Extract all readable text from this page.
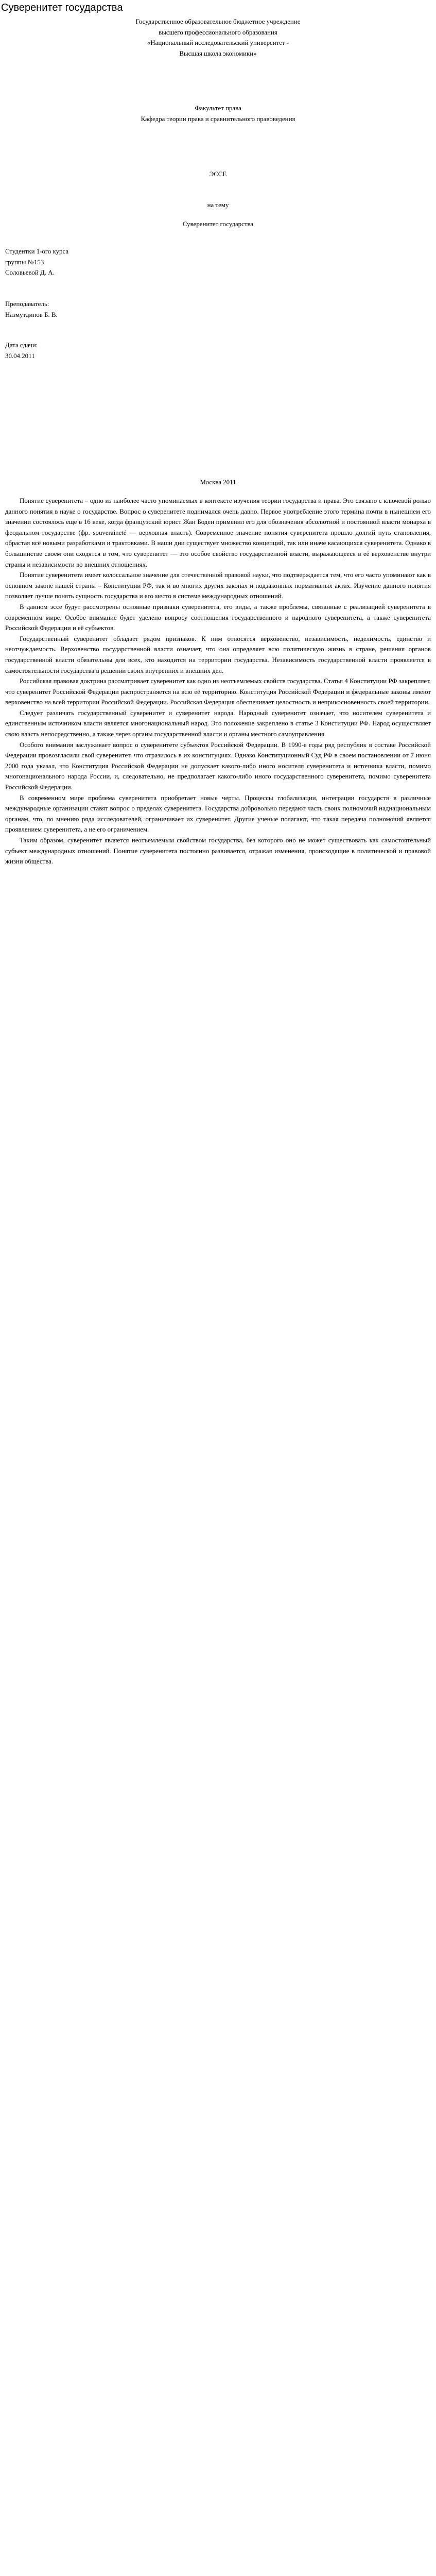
Суверенитет государства

Государственное образовательное бюджетное учреждение

высшего профессионального образования

«Национальный исследовательский университет -

Высшая школа экономики»

Факультет права

Кафедра теории права и сравнительного правоведения

ЭССЕ

на тему

Суверенитет государства

Студентки 1-ого курса

группы №153

Соловьевой Д. А.

Преподаватель:

Назмутдинов Б. В.

Дата сдачи:

30.04.2011

Москва 2011

Понятие суверенитета – одно из наиболее часто упоминаемых в контексте изучения теории государства и права. Это связано с ключевой ролью данного понятия в науке о государстве. Вопрос о суверенитете поднимался очень давно. Первое употребление этого термина почти в нынешнем его значении состоялось еще в 16 веке, когда французский юрист Жан Боден применил его для обозначения абсолютной и постоянной власти монарха в феодальном государстве (фр. souveraineté — верховная власть). Современное значение понятия суверенитета прошло долгий путь становления, обрастая всё новыми разработками и трактовками. В наши дни существует множество концепций, так или иначе касающихся суверенитета. Однако в большинстве своем они сходятся в том, что суверенитет — это особое свойство государственной власти, выражающееся в её верховенстве внутри страны и независимости во внешних отношениях.

Понятие суверенитета имеет колоссальное значение для отечественной правовой науки, что подтверждается тем, что его часто упоминают как в основном законе нашей страны – Конституции РФ, так и во многих других законах и подзаконных нормативных актах. Изучение данного понятия позволяет лучше понять сущность государства и его место в системе международных отношений.

В данном эссе будут рассмотрены основные признаки суверенитета, его виды, а также проблемы, связанные с реализацией суверенитета в современном мире. Особое внимание будет уделено вопросу соотношения государственного и народного суверенитета, а также суверенитета Российской Федерации и её субъектов.

Государственный суверенитет обладает рядом признаков. К ним относятся верховенство, независимость, неделимость, единство и неотчуждаемость. Верховенство государственной власти означает, что она определяет всю политическую жизнь в стране, решения органов государственной власти обязательны для всех, кто находится на территории государства. Независимость государственной власти проявляется в самостоятельности государства в решении своих внутренних и внешних дел.

Российская правовая доктрина рассматривает суверенитет как одно из неотъемлемых свойств государства. Статья 4 Конституции РФ закрепляет, что суверенитет Российской Федерации распространяется на всю её территорию. Конституция Российской Федерации и федеральные законы имеют верховенство на всей территории Российской Федерации. Российская Федерация обеспечивает целостность и неприкосновенность своей территории.

Следует различать государственный суверенитет и суверенитет народа. Народный суверенитет означает, что носителем суверенитета и единственным источником власти является многонациональный народ. Это положение закреплено в статье 3 Конституции РФ. Народ осуществляет свою власть непосредственно, а также через органы государственной власти и органы местного самоуправления.

Особого внимания заслуживает вопрос о суверенитете субъектов Российской Федерации. В 1990-е годы ряд республик в составе Российской Федерации провозгласили свой суверенитет, что отразилось в их конституциях. Однако Конституционный Суд РФ в своем постановлении от 7 июня 2000 года указал, что Конституция Российской Федерации не допускает какого-либо иного носителя суверенитета и источника власти, помимо многонационального народа России, и, следовательно, не предполагает какого-либо иного государственного суверенитета, помимо суверенитета Российской Федерации.

В современном мире проблема суверенитета приобретает новые черты. Процессы глобализации, интеграции государств в различные международные организации ставят вопрос о пределах суверенитета. Государства добровольно передают часть своих полномочий наднациональным органам, что, по мнению ряда исследователей, ограничивает их суверенитет. Другие ученые полагают, что такая передача полномочий является проявлением суверенитета, а не его ограничением.

Таким образом, суверенитет является неотъемлемым свойством государства, без которого оно не может существовать как самостоятельный субъект международных отношений. Понятие суверенитета постоянно развивается, отражая изменения, происходящие в политической и правовой жизни общества.
